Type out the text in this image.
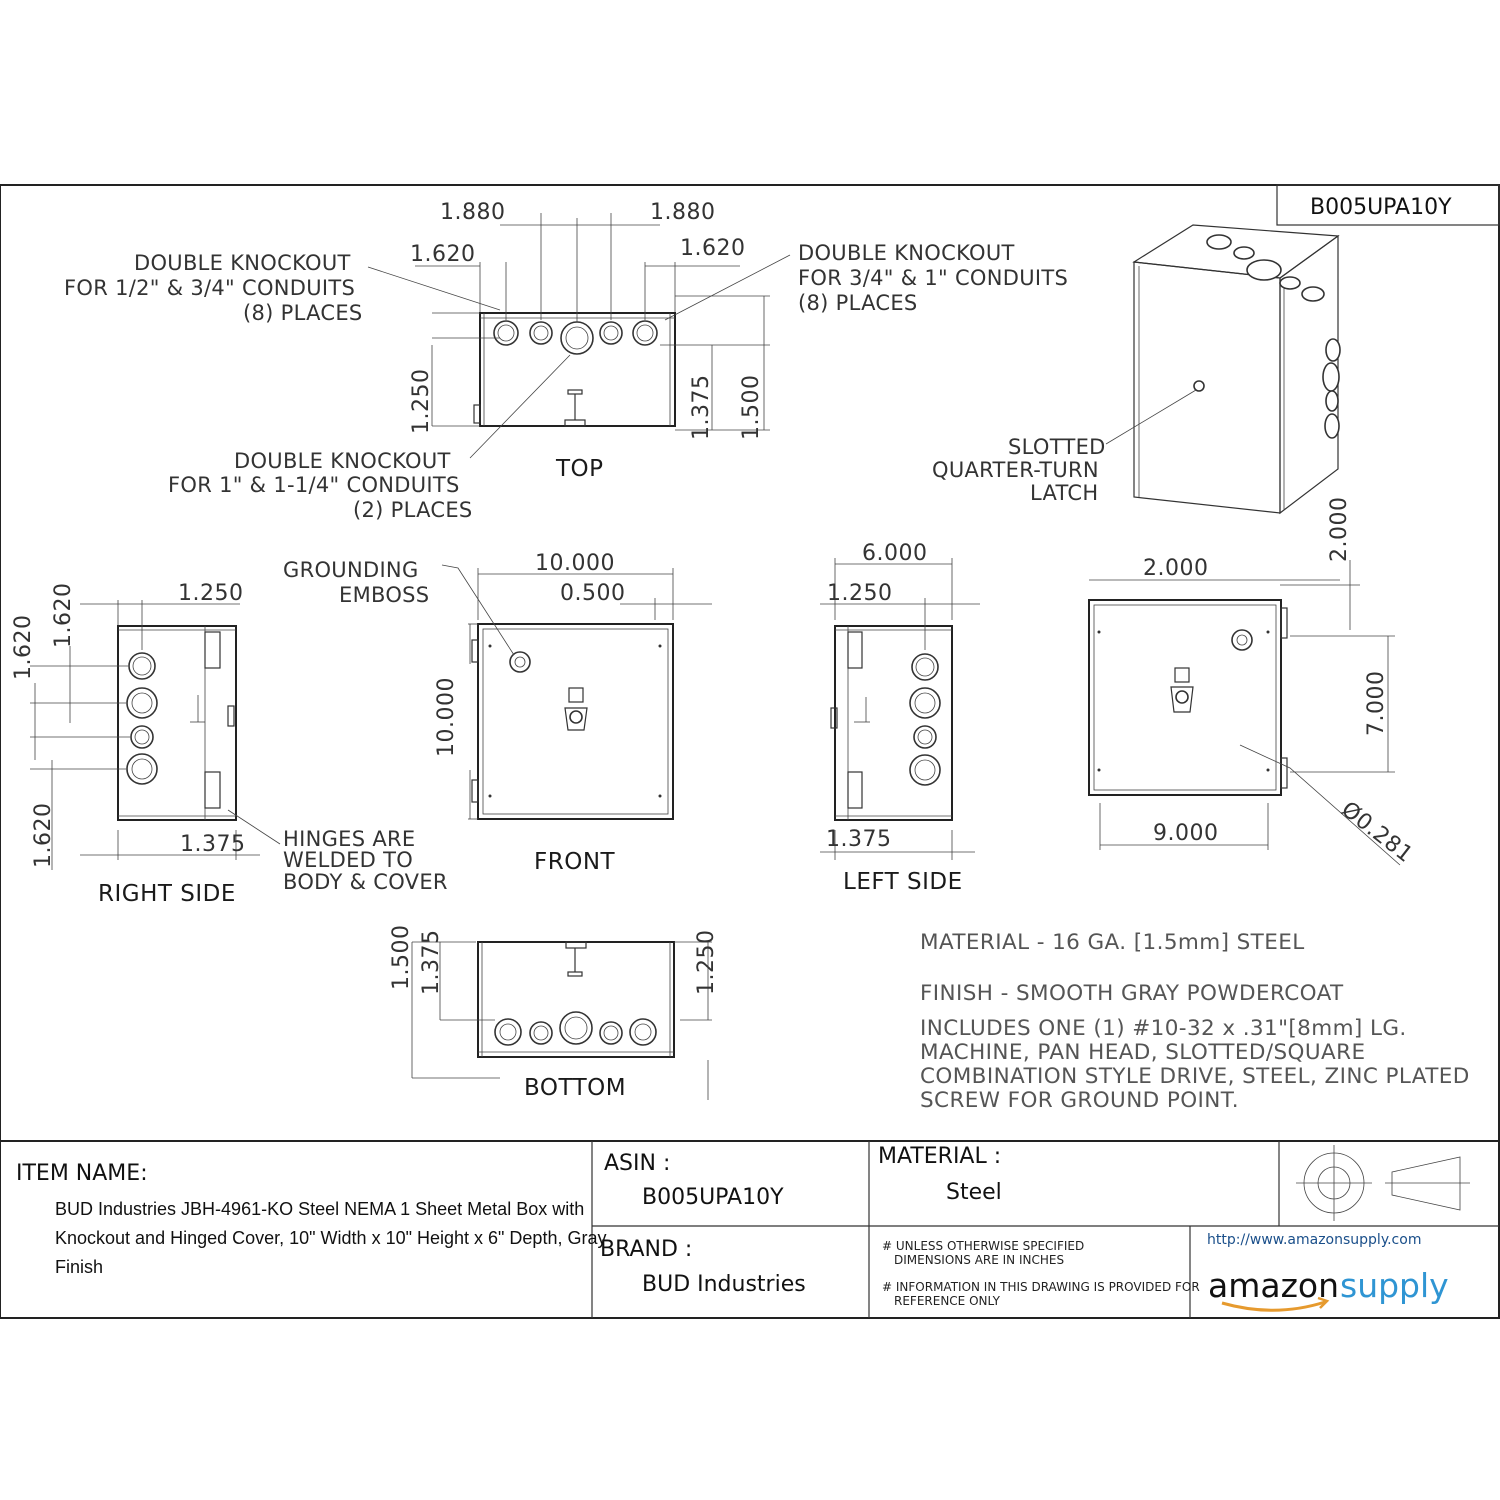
B005UPA10Y
TOP
1.880	1.880
1.620	1.620
1.250	1.375 1.500
DOUBLE KNOCKOUT
FOR 1/2" & 3/4" CONDUITS
(8) PLACES
DOUBLE KNOCKOUT
FOR 3/4" & 1" CONDUITS
(8) PLACES
DOUBLE KNOCKOUT
FOR 1" & 1-1/4" CONDUITS
(2) PLACES
SLOTTED
QUARTER-TURN
LATCH
RIGHT SIDE
1.250
1.620
1.620
1.620	1.375 HINGES ARE
WELDED TO
BODY & COVER
FRONT
10.000
0.500
10.000
GROUNDING
EMBOSS
LEFT SIDE
6.000
1.250
1.375
2.000
2.000
7.000
9.000	Ø0.281
BOTTOM
1.500 1.375	1.250	MATERIAL - 16 GA. [1.5mm] STEEL
FINISH - SMOOTH GRAY POWDERCOAT
INCLUDES ONE (1) #10-32 x .31"[8mm] LG.
MACHINE, PAN HEAD, SLOTTED/SQUARE
COMBINATION STYLE DRIVE, STEEL, ZINC PLATED
SCREW FOR GROUND POINT.
ITEM NAME:
BUD Industries JBH-4961-KO Steel NEMA 1 Sheet Metal Box with
Knockout and Hinged Cover, 10" Width x 10" Height x 6" Depth, Gray
Finish
ASIN :
B005UPA10Y
BRAND :
BUD Industries
MATERIAL :
Steel
# UNLESS OTHERWISE SPECIFIED
DIMENSIONS ARE IN INCHES
# INFORMATION IN THIS DRAWING IS PROVIDED FOR
REFERENCE ONLY
http://www.amazonsupply.com
amazon supply
